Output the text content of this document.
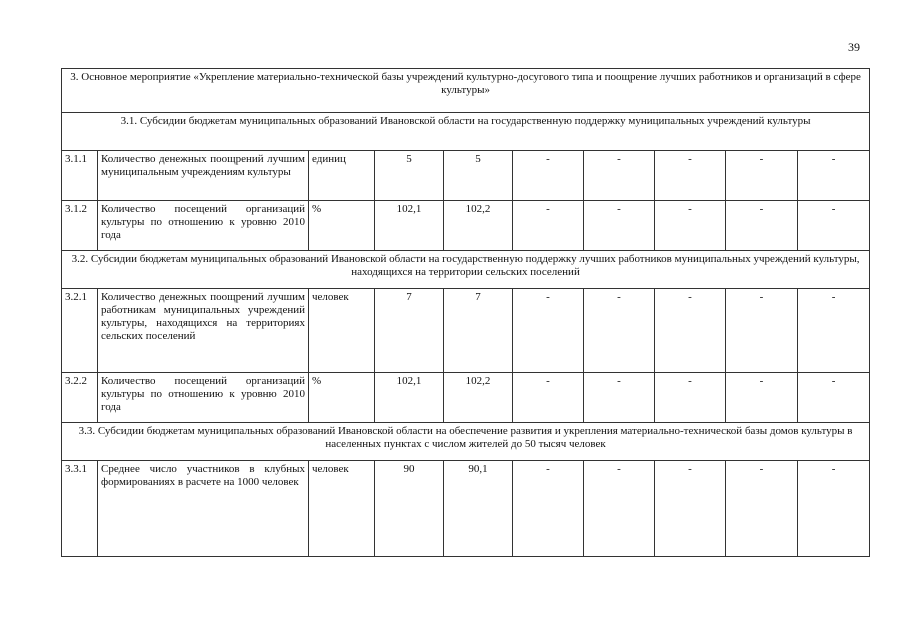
39
3. Основное мероприятие «Укрепление материально-технической базы учреждений культурно-досугового типа и поощрение лучших работников и организаций в сфере культуры»									
3.1. Субсидии бюджетам муниципальных образований Ивановской области на государственную поддержку муниципальных учреждений культуры									
3.1.1	Количество денежных поощрений лучшим муниципальным учреждениям культуры	единиц	5	5	-	-	-	-	-
3.1.2	Количество посещений организаций культуры по отношению к уровню 2010 года	%	102,1	102,2	-	-	-	-	-
3.2. Субсидии бюджетам муниципальных образований Ивановской области на государственную поддержку лучших работников муниципальных учреждений культуры, находящихся на территории сельских поселений									
3.2.1	Количество денежных поощрений лучшим работникам муниципальных учреждений культуры, находящихся на территориях сельских поселений	человек	7	7	-	-	-	-	-
3.2.2	Количество посещений организаций культуры по отношению к уровню 2010 года	%	102,1	102,2	-	-	-	-	-
3.3. Субсидии бюджетам муниципальных образований Ивановской области на обеспечение развития и укрепления материально-технической базы домов культуры в населенных пунктах с числом жителей до 50 тысяч человек									
3.3.1	Среднее число участников в клубных формированиях в расчете на 1000 человек	человек	90	90,1	-	-	-	-	-
